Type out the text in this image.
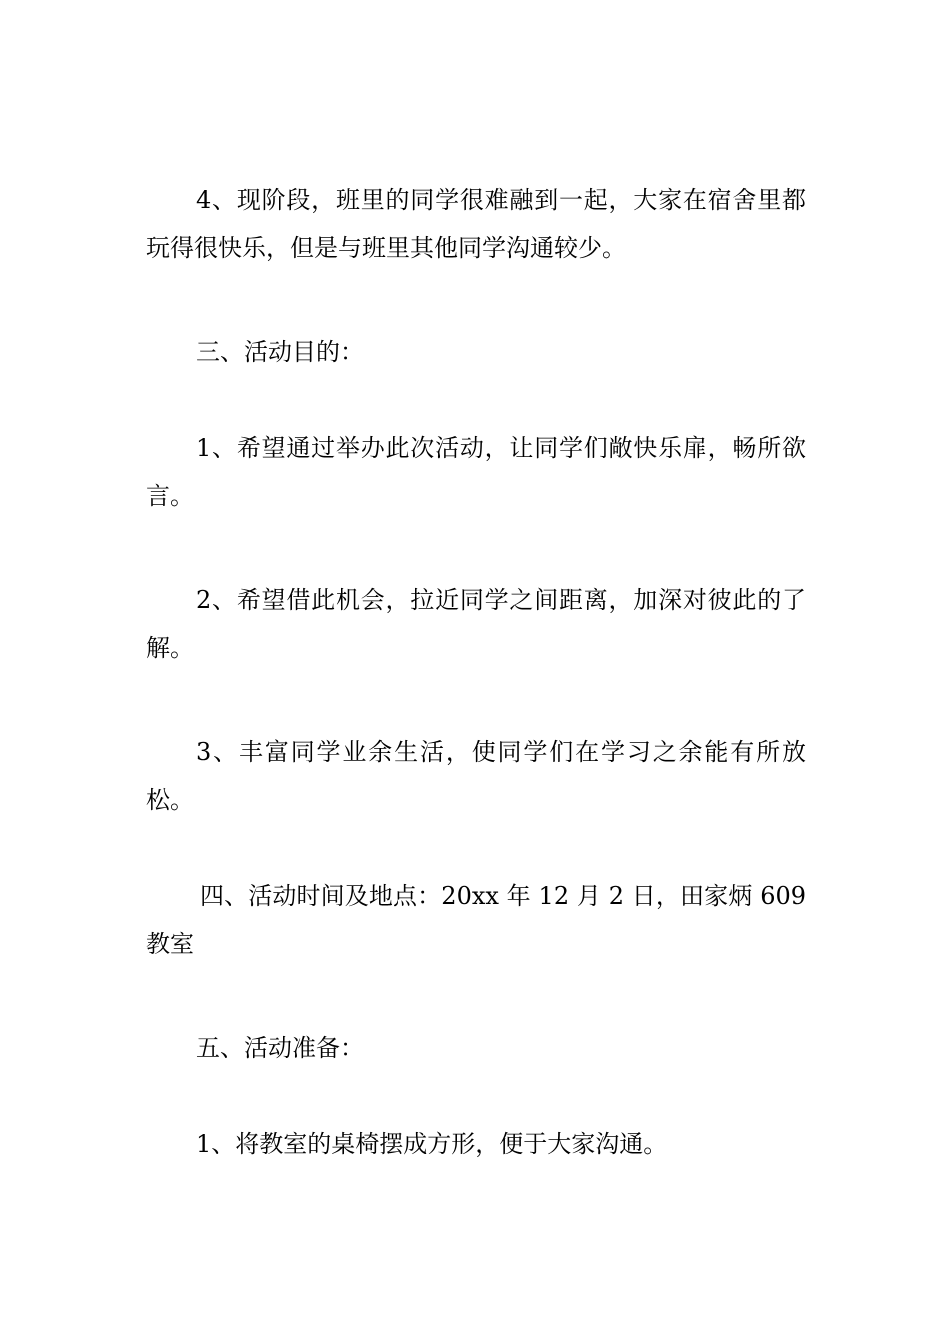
4、现阶段，班里的同学很难融到一起，大家在宿舍里都玩得很快乐，但是与班里其他同学沟通较少。

三、活动目的：

1、希望通过举办此次活动，让同学们敞快乐扉，畅所欲言。

2、希望借此机会，拉近同学之间距离，加深对彼此的了解。

3、丰富同学业余生活，使同学们在学习之余能有所放松。

四、活动时间及地点：20xx 年 12 月 2 日，田家炳 609 教室

五、活动准备：

1、将教室的桌椅摆成方形，便于大家沟通。
